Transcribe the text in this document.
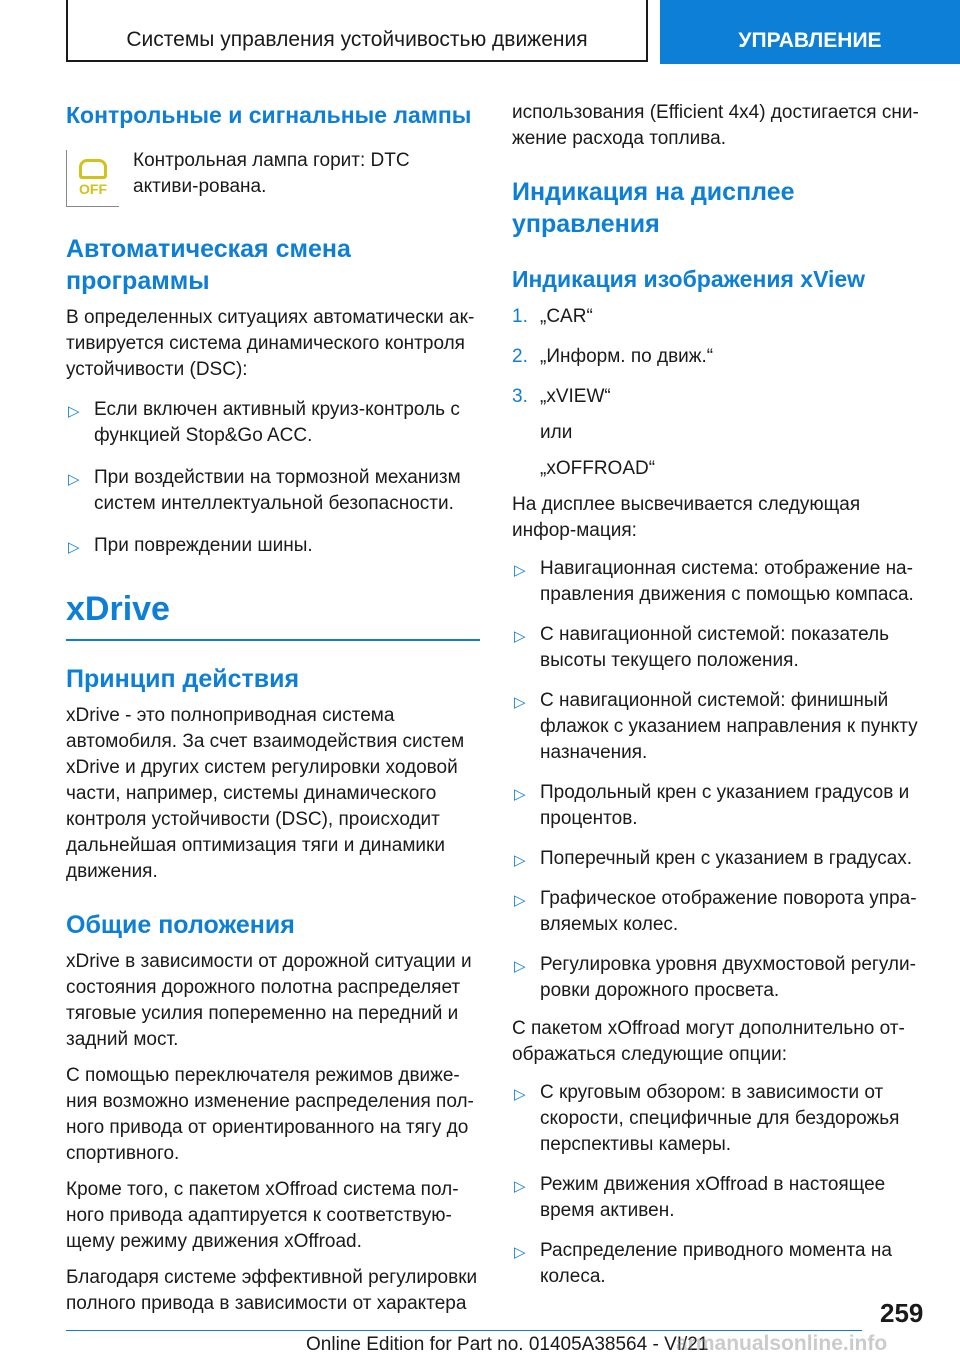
Системы управления устойчивостью движения	УПРАВЛЕНИЕ
Контрольные и сигнальные лампы
OFF

Контрольная лампа горит: DTC активи-рована.

Автоматическая смена программы

В определенных ситуациях автоматически ак-тивируется система динамического контроля устойчивости (DSC):

▷ Если включен активный круиз-контроль с функцией Stop&Go ACC.
▷ При воздействии на тормозной механизм систем интеллектуальной безопасности.
▷ При повреждении шины.
xDrive
Принцип действия

xDrive - это полноприводная система автомобиля. За счет взаимодействия систем xDrive и других систем регулировки ходовой части, например, системы динамического контроля устойчивости (DSC), происходит дальнейшая оптимизация тяги и динамики движения.

Общие положения

xDrive в зависимости от дорожной ситуации и состояния дорожного полотна распределяет тяговые усилия попеременно на передний и задний мост.

С помощью переключателя режимов движе-ния возможно изменение распределения пол-ного привода от ориентированного на тягу до спортивного.

Кроме того, с пакетом xOffroad система пол-ного привода адаптируется к соответствую-щему режиму движения xOffroad.

Благодаря системе эффективной регулировки полного привода в зависимости от характера

использования (Efficient 4x4) достигается сни-жение расхода топлива.

Индикация на дисплее управления
Индикация изображения xView
1. „CAR“
2. „Информ. по движ.“
3. „xVIEW“

или

„xOFFROAD“

На дисплее высвечивается следующая инфор-мация:

▷ Навигационная система: отображение на-правления движения с помощью компаса.
▷ С навигационной системой: показатель высоты текущего положения.
▷ С навигационной системой: финишный флажок с указанием направления к пункту назначения.
▷ Продольный крен с указанием градусов и процентов.
▷ Поперечный крен с указанием в градусах.
▷ Графическое отображение поворота упра-вляемых колес.
▷ Регулировка уровня двухмостовой регули-ровки дорожного просвета.

С пакетом xOffroad могут дополнительно от-ображаться следующие опции:

▷ С круговым обзором: в зависимости от скорости, специфичные для бездорожья перспективы камеры.
▷ Режим движения xOffroad в настоящее время активен.
▷ Распределение приводного момента на колеса.
259
Online Edition for Part no. 01405A38564 - VI/21
armanualsonline.info
